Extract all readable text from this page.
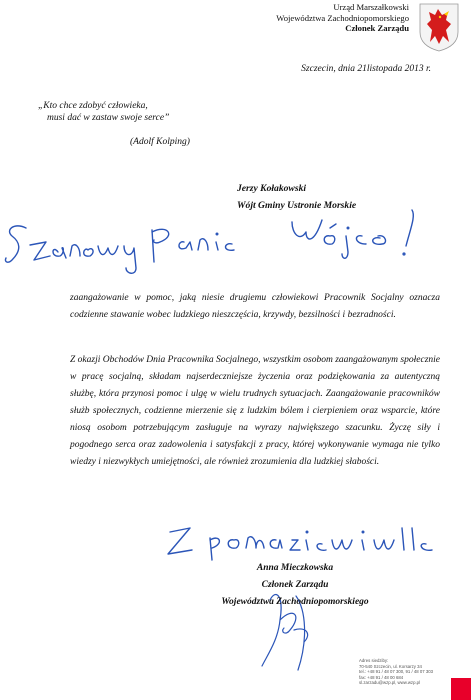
Urząd Marszałkowski
Województwa Zachodniopomorskiego
Członek Zarządu
Szczecin, dnia 21listopada 2013 r.
„Kto chce zdobyć człowieka,
musi dać w zastaw swoje serce”
(Adolf Kolping)
Jerzy Kołakowski
Wójt Gminy Ustronie Morskie
zaangażowanie w pomoc, jaką niesie drugiemu człowiekowi Pracownik Socjalny oznacza codzienne stawanie wobec ludzkiego nieszczęścia, krzywdy, bezsilności i bezradności.
Z okazji Obchodów Dnia Pracownika Socjalnego, wszystkim osobom zaangażowanym społecznie w pracę socjalną, składam najserdeczniejsze życzenia oraz podziękowania za autentyczną służbę, która przynosi pomoc i ulgę w wielu trudnych sytuacjach. Zaangażowanie pracowników służb społecznych, codzienne mierzenie się z ludzkim bólem i cierpieniem oraz wsparcie, które niosą osobom potrzebującym zasługuje na wyrazy największego szacunku. Życzę siły i pogodnego serca oraz zadowolenia i satysfakcji z pracy, której wykonywanie wymaga nie tylko wiedzy i niezwykłych umiejętności, ale również zrozumienia dla ludzkiej słabości.
Anna Mieczkowska
Członek Zarządu
Województwa Zachodniopomorskiego
Adres siedziby:
70-540 Szczecin, ul. Korsarzy 34
tel.: +48 91 / 48 07 300, 91 / 48 07 303
fax: +48 91 / 48 00 684
sl.zarzadu@wzp.pl, www.wzp.pl
